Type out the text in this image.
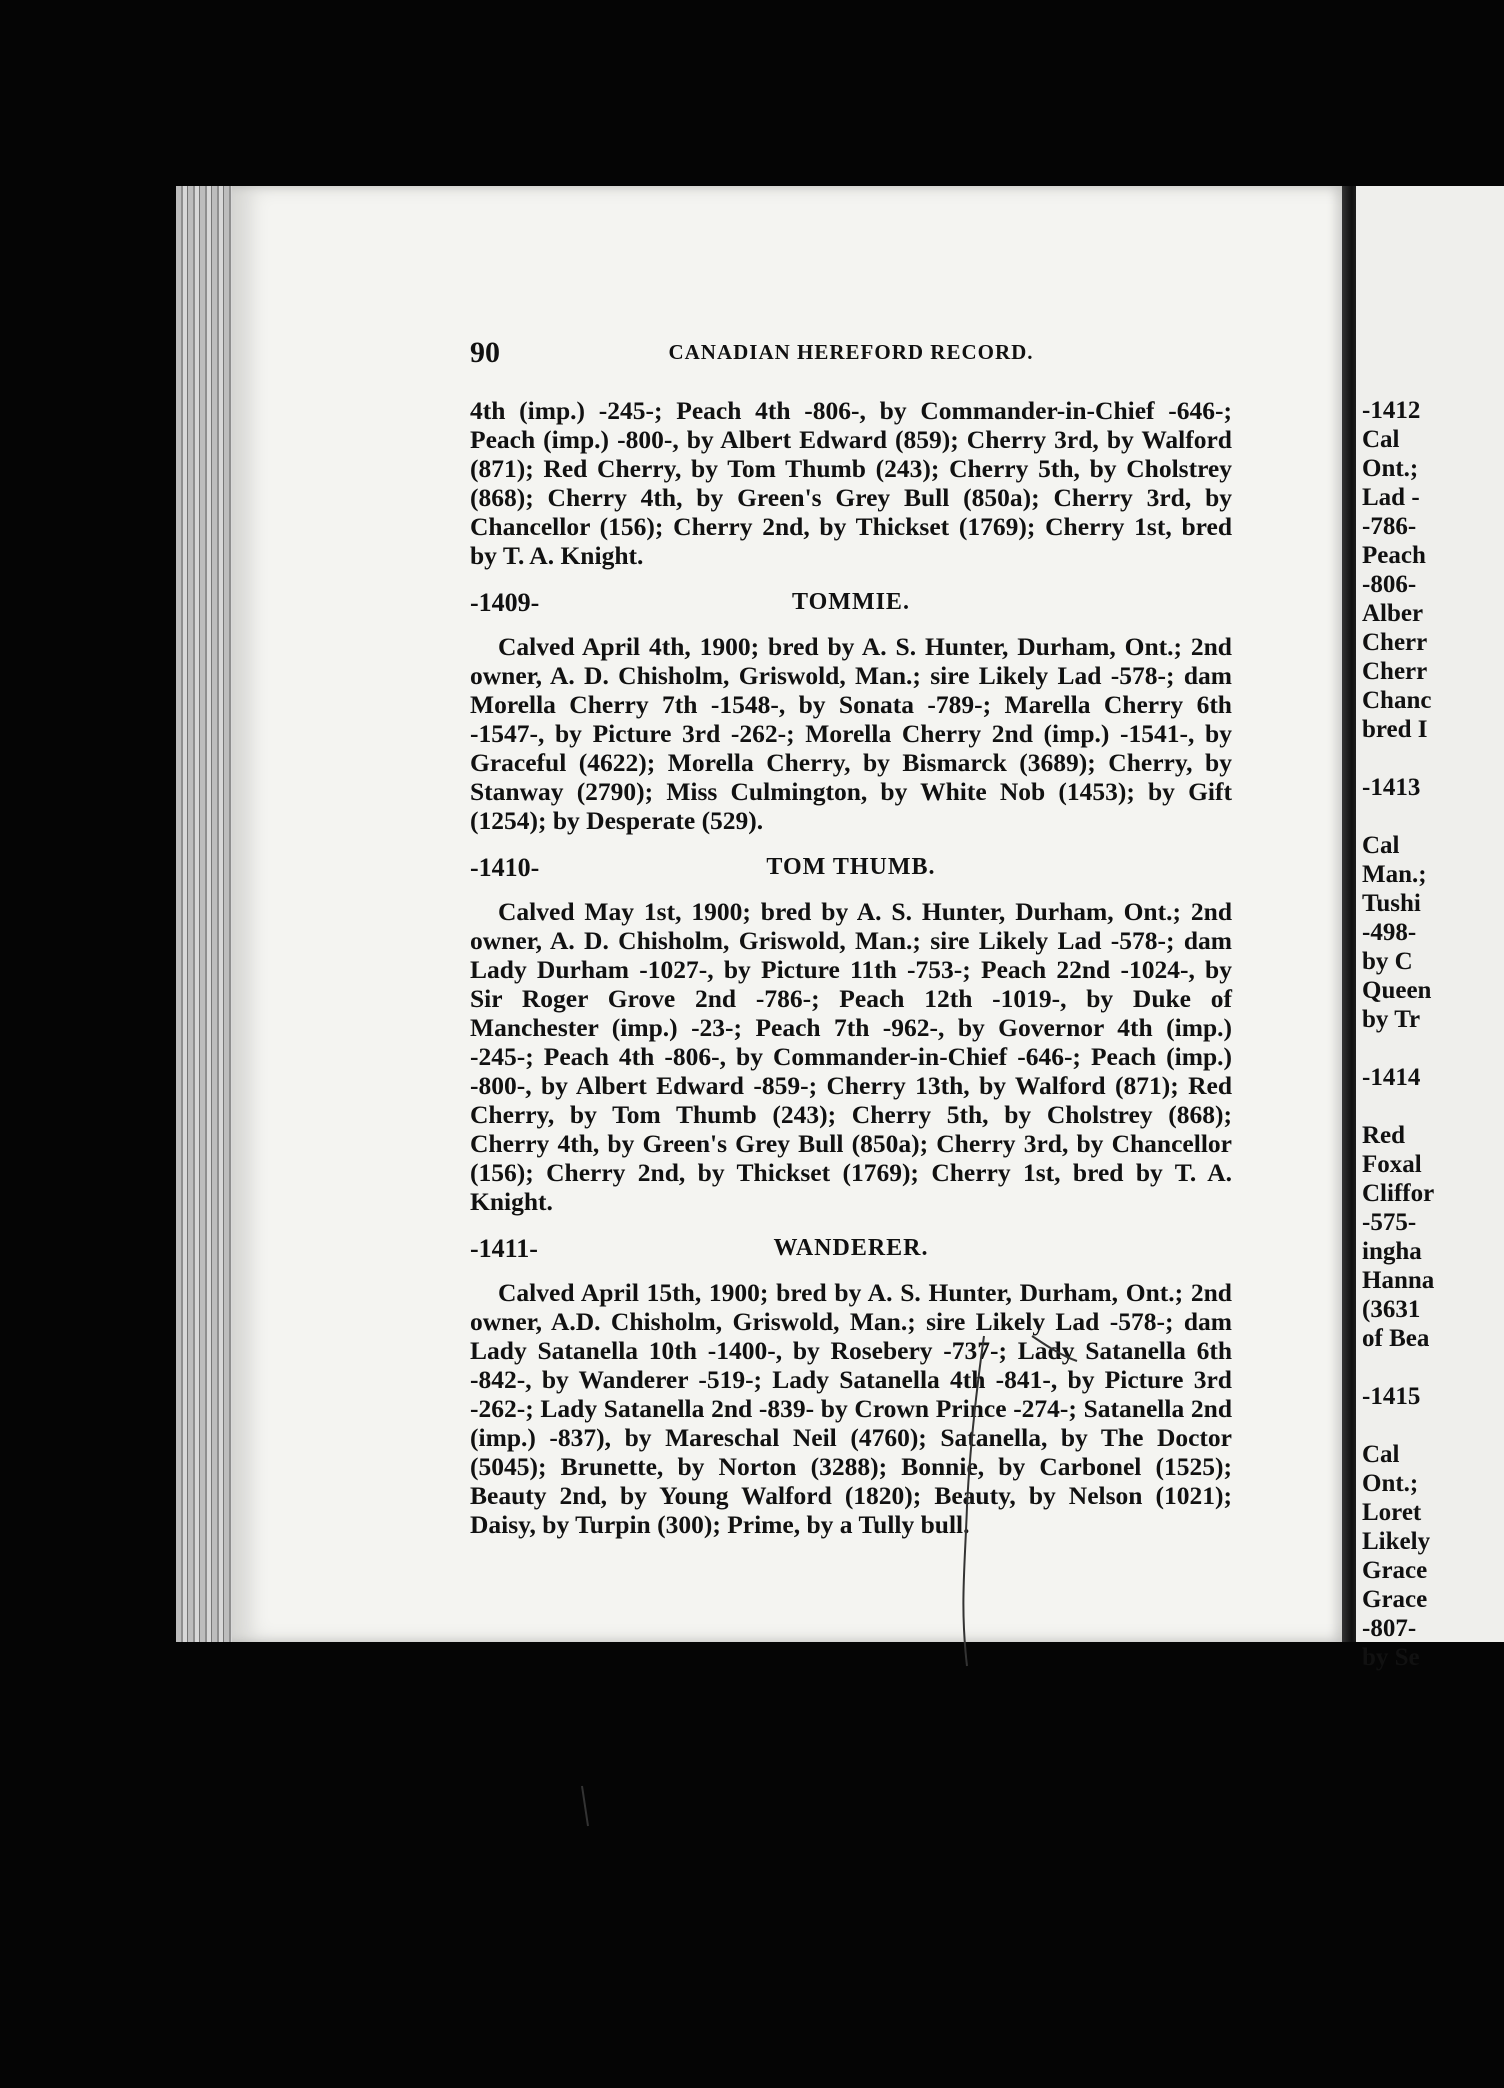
90	CANADIAN HEREFORD RECORD.

4th (imp.) -245-; Peach 4th -806-, by Commander-in-Chief -646-; Peach (imp.) -800-, by Albert Edward (859); Cherry 3rd, by Walford (871); Red Cherry, by Tom Thumb (243); Cherry 5th, by Cholstrey (868); Cherry 4th, by Green's Grey Bull (850a); Cherry 3rd, by Chancellor (156); Cherry 2nd, by Thickset (1769); Cherry 1st, bred by T. A. Knight.

-1409-	TOMMIE.

Calved April 4th, 1900; bred by A. S. Hunter, Durham, Ont.; 2nd owner, A. D. Chisholm, Griswold, Man.; sire Likely Lad -578-; dam Morella Cherry 7th -1548-, by Sonata -789-; Marella Cherry 6th -1547-, by Picture 3rd -262-; Morella Cherry 2nd (imp.) -1541-, by Graceful (4622); Morella Cherry, by Bismarck (3689); Cherry, by Stanway (2790); Miss Culmington, by White Nob (1453); by Gift (1254); by Desperate (529).

-1410-	TOM THUMB.

Calved May 1st, 1900; bred by A. S. Hunter, Durham, Ont.; 2nd owner, A. D. Chisholm, Griswold, Man.; sire Likely Lad -578-; dam Lady Durham -1027-, by Picture 11th -753-; Peach 22nd -1024-, by Sir Roger Grove 2nd -786-; Peach 12th -1019-, by Duke of Manchester (imp.) -23-; Peach 7th -962-, by Governor 4th (imp.) -245-; Peach 4th -806-, by Commander-in-Chief -646-; Peach (imp.) -800-, by Albert Edward -859-; Cherry 13th, by Walford (871); Red Cherry, by Tom Thumb (243); Cherry 5th, by Cholstrey (868); Cherry 4th, by Green's Grey Bull (850a); Cherry 3rd, by Chancellor (156); Cherry 2nd, by Thickset (1769); Cherry 1st, bred by T. A. Knight.

-1411-	WANDERER.

Calved April 15th, 1900; bred by A. S. Hunter, Durham, Ont.; 2nd owner, A.D. Chisholm, Griswold, Man.; sire Likely Lad -578-; dam Lady Satanella 10th -1400-, by Rosebery -737-; Lady Satanella 6th -842-, by Wanderer -519-; Lady Satanella 4th -841-, by Picture 3rd -262-; Lady Satanella 2nd -839- by Crown Prince -274-; Satanella 2nd (imp.) -837), by Mareschal Neil (4760); Satanella, by The Doctor (5045); Brunette, by Norton (3288); Bonnie, by Carbonel (1525); Beauty 2nd, by Young Walford (1820); Beauty, by Nelson (1021); Daisy, by Turpin (300); Prime, by a Tully bull.

-1412
Cal
Ont.;
Lad -
-786-
Peach
-806-
Alber
Cherr
Cherr
Chanc
bred I
-1413
Cal
Man.;
Tushi
-498-
by C
Queen
by Tr
-1414
Red
Foxal
Cliffor
-575-
ingha
Hanna
(3631
of Bea
-1415
Cal
Ont.;
Loret
Likely
Grace
Grace
-807-
by Se
